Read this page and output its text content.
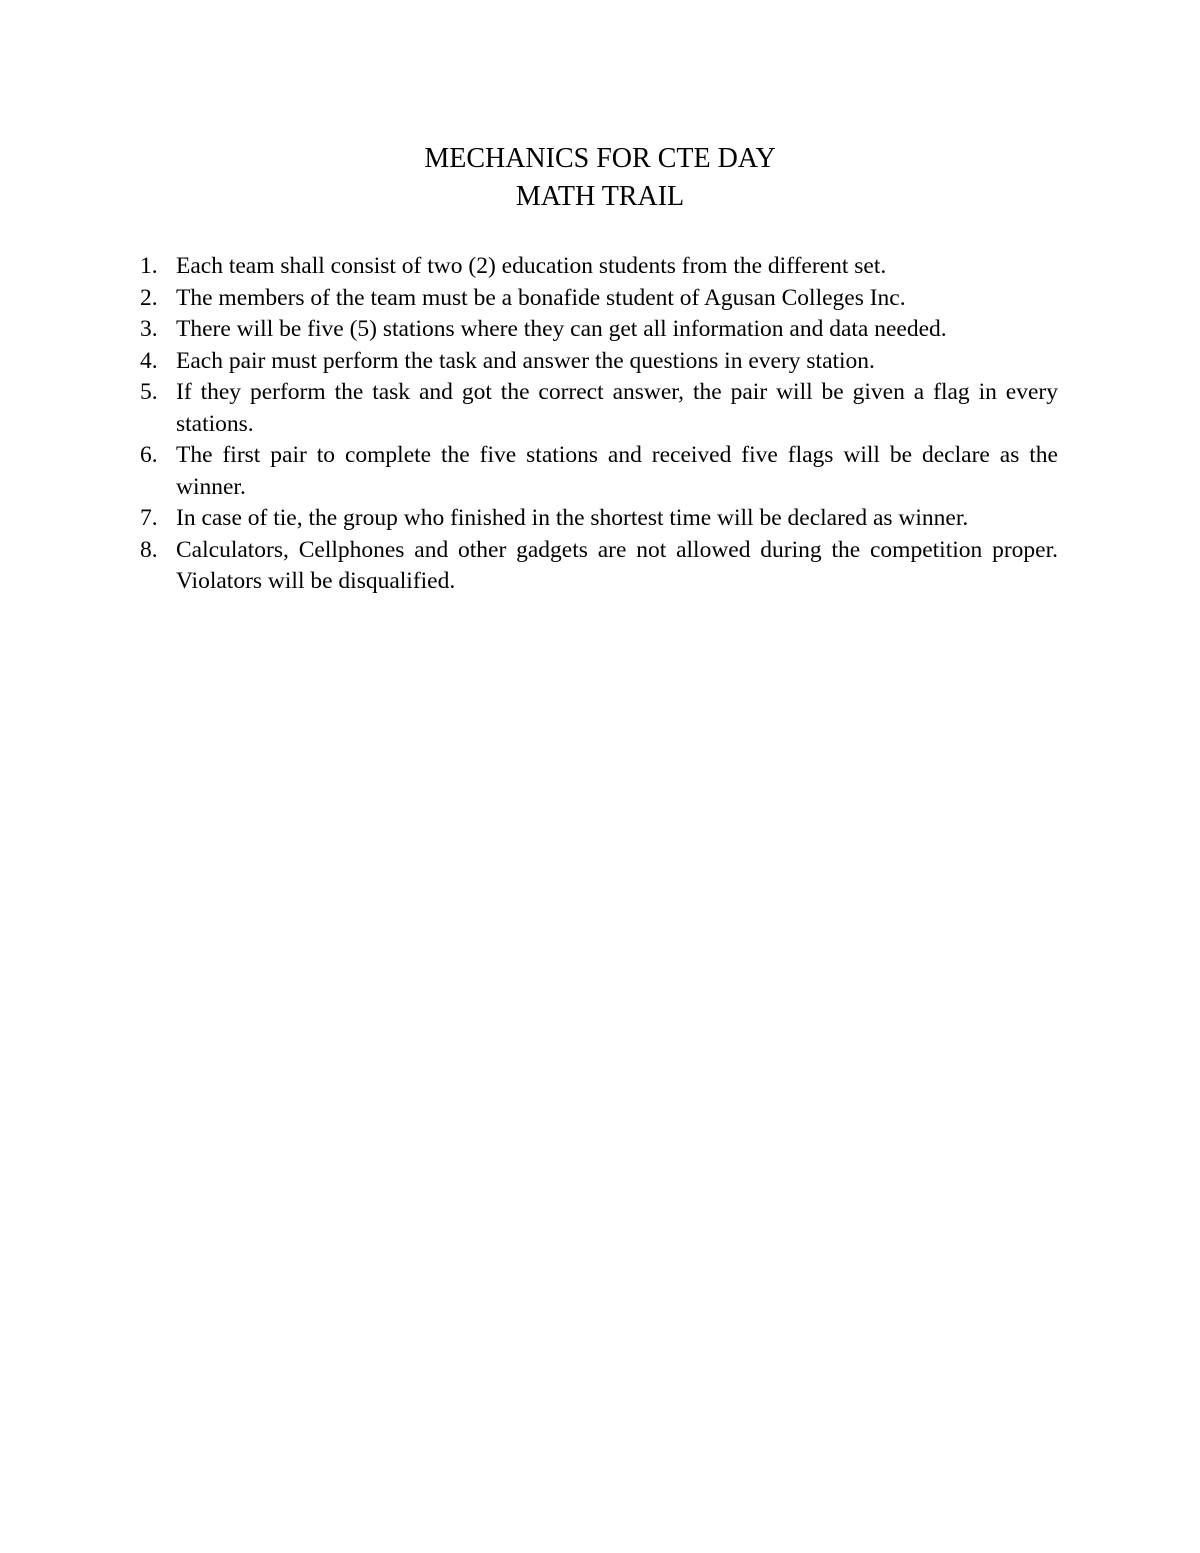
MECHANICS FOR CTE DAY

MATH TRAIL

1. Each team shall consist of two (2) education students from the different set.
2. The members of the team must be a bonafide student of Agusan Colleges Inc.
3. There will be five (5) stations where they can get all information and data needed.
4. Each pair must perform the task and answer the questions in every station.
5. If they perform the task and got the correct answer, the pair will be given a flag in every stations.
6. The first pair to complete the five stations and received five flags will be declare as the winner.
7. In case of tie, the group who finished in the shortest time will be declared as winner.
8. Calculators, Cellphones and other gadgets are not allowed during the competition proper. Violators will be disqualified.
